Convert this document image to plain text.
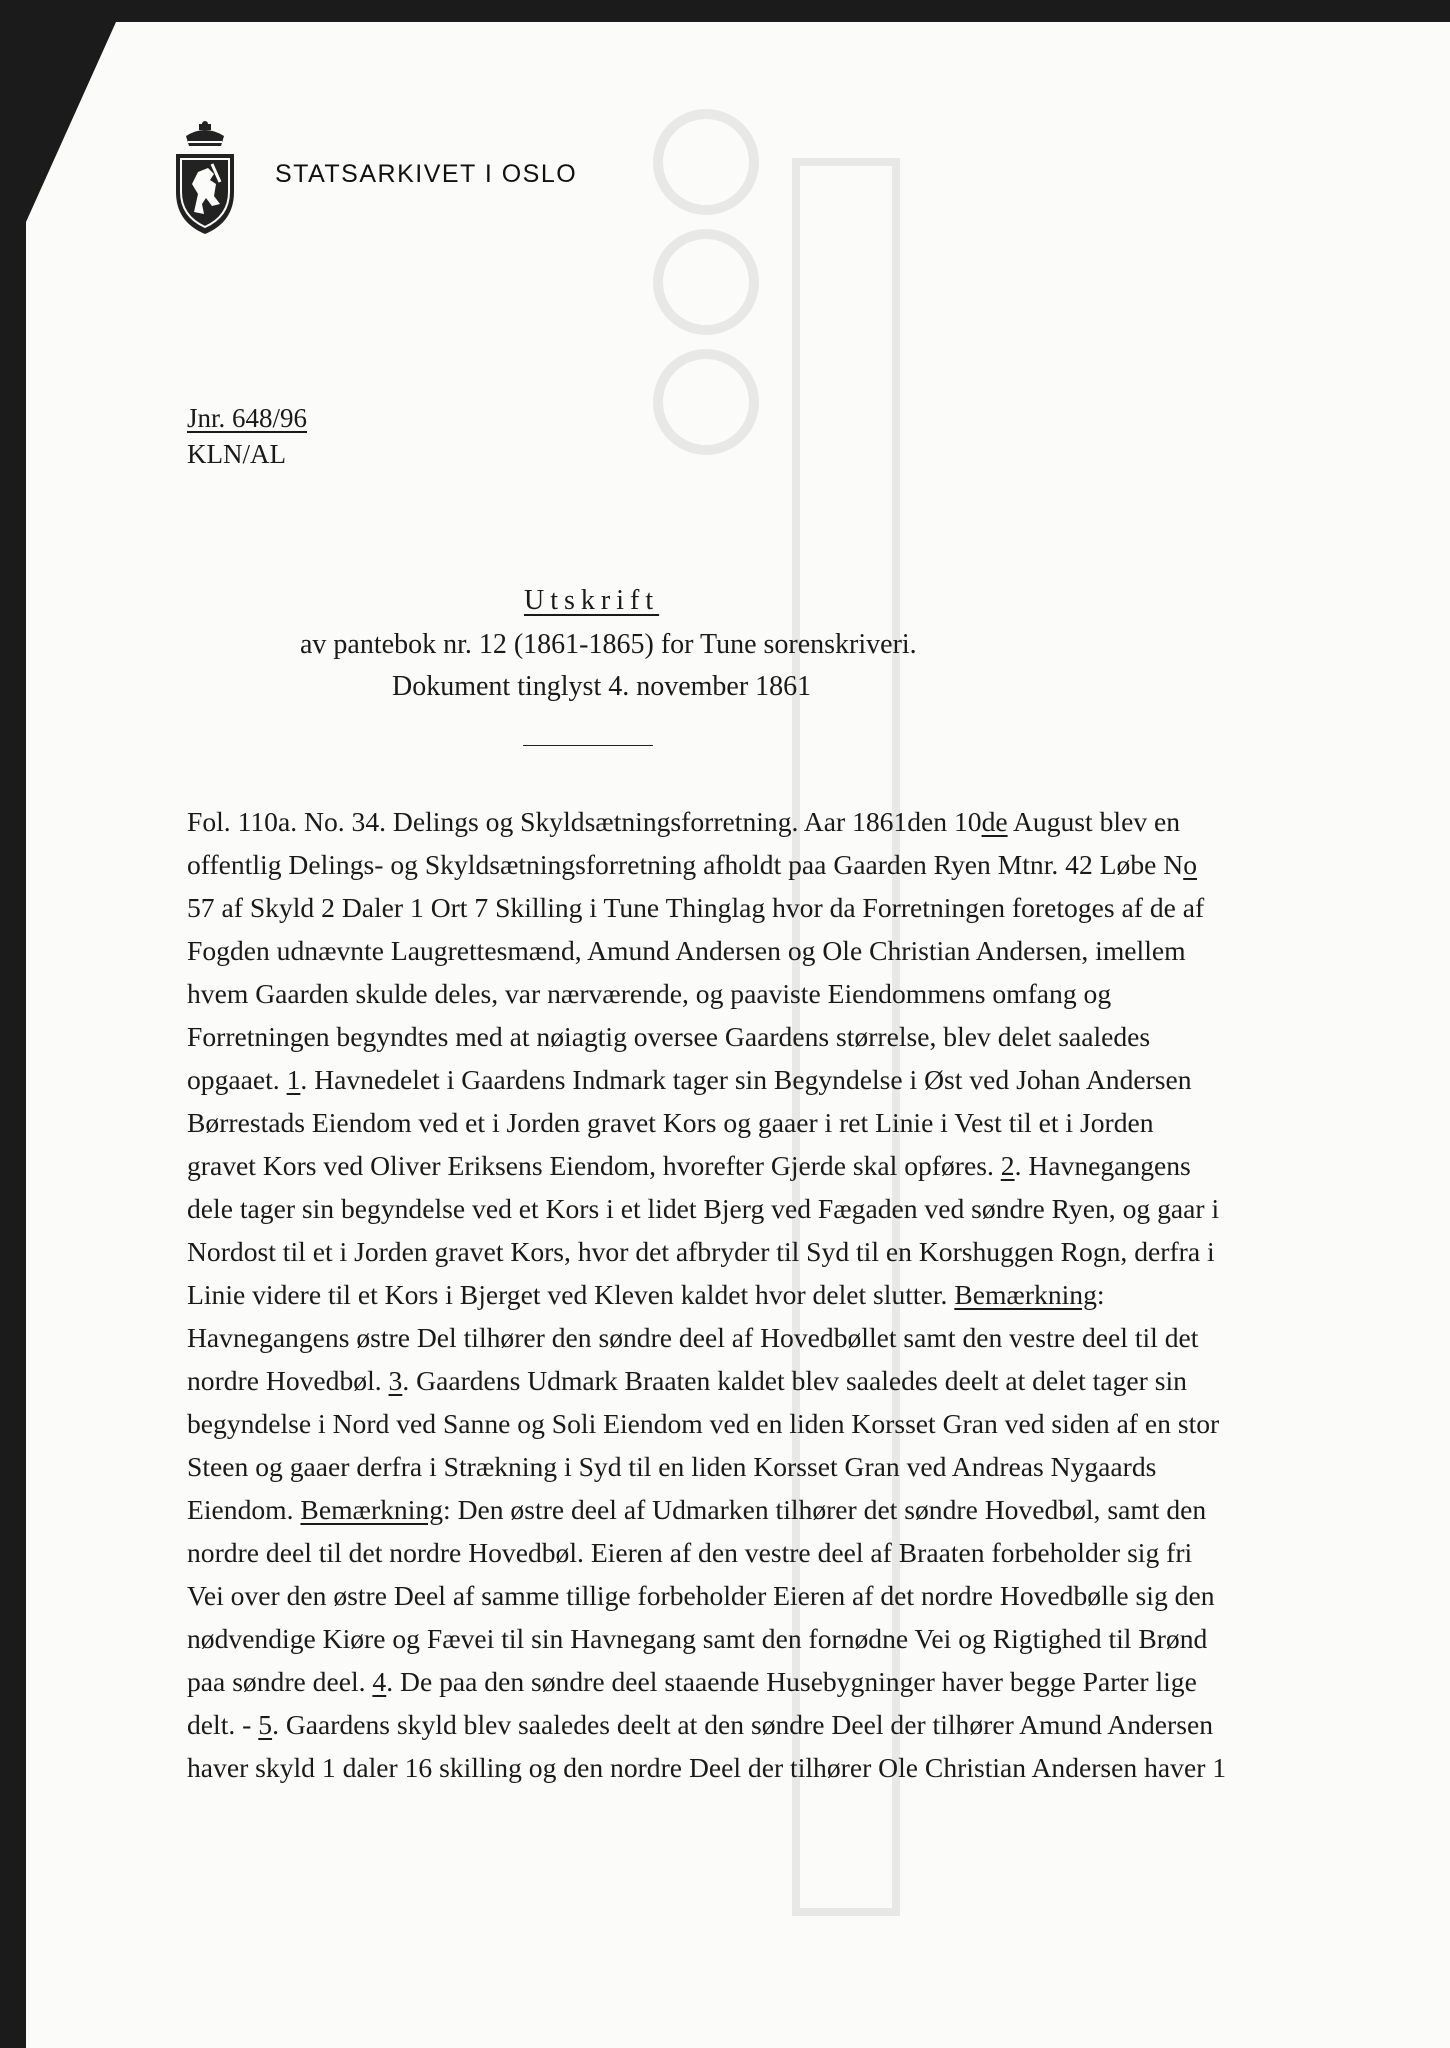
STATSARKIVET I OSLO
Jnr. 648/96
KLN/AL
Utskrift
av pantebok nr. 12 (1861-1865) for Tune sorenskriveri.
Dokument tinglyst 4. november 1861
Fol. 110a. No. 34. Delings og Skyldsætningsforretning. Aar 1861den 10de August blev en
offentlig Delings- og Skyldsætningsforretning afholdt paa Gaarden Ryen Mtnr. 42 Løbe No
57 af Skyld 2 Daler 1 Ort 7 Skilling i Tune Thinglag hvor da Forretningen foretoges af de af
Fogden udnævnte Laugrettesmænd, Amund Andersen og Ole Christian Andersen, imellem
hvem Gaarden skulde deles, var nærværende, og paaviste Eiendommens omfang og
Forretningen begyndtes med at nøiagtig oversee Gaardens størrelse, blev delet saaledes
opgaaet. 1. Havnedelet i Gaardens Indmark tager sin Begyndelse i Øst ved Johan Andersen
Børrestads Eiendom ved et i Jorden gravet Kors og gaaer i ret Linie i Vest til et i Jorden
gravet Kors ved Oliver Eriksens Eiendom, hvorefter Gjerde skal opføres. 2. Havnegangens
dele tager sin begyndelse ved et Kors i et lidet Bjerg ved Fægaden ved søndre Ryen, og gaar i
Nordost til et i Jorden gravet Kors, hvor det afbryder til Syd til en Korshuggen Rogn, derfra i
Linie videre til et Kors i Bjerget ved Kleven kaldet hvor delet slutter. Bemærkning:
Havnegangens østre Del tilhører den søndre deel af Hovedbøllet samt den vestre deel til det
nordre Hovedbøl. 3. Gaardens Udmark Braaten kaldet blev saaledes deelt at delet tager sin
begyndelse i Nord ved Sanne og Soli Eiendom ved en liden Korsset Gran ved siden af en stor
Steen og gaaer derfra i Strækning i Syd til en liden Korsset Gran ved Andreas Nygaards
Eiendom. Bemærkning: Den østre deel af Udmarken tilhører det søndre Hovedbøl, samt den
nordre deel til det nordre Hovedbøl. Eieren af den vestre deel af Braaten forbeholder sig fri
Vei over den østre Deel af samme tillige forbeholder Eieren af det nordre Hovedbølle sig den
nødvendige Kiøre og Fævei til sin Havnegang samt den fornødne Vei og Rigtighed til Brønd
paa søndre deel. 4. De paa den søndre deel staaende Husebygninger haver begge Parter lige
delt. - 5. Gaardens skyld blev saaledes deelt at den søndre Deel der tilhører Amund Andersen
haver skyld 1 daler 16 skilling og den nordre Deel der tilhører Ole Christian Andersen haver 1
